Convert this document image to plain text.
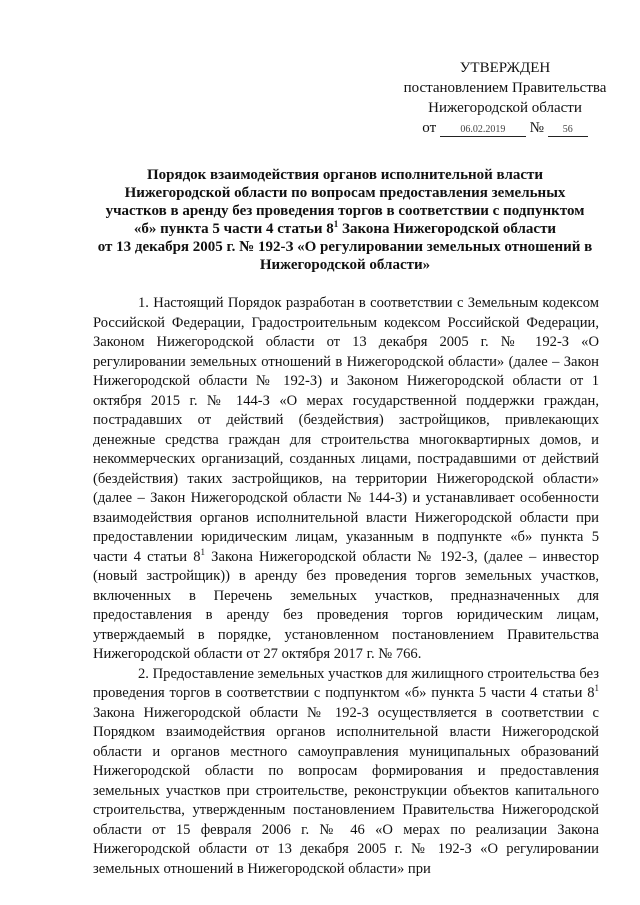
УТВЕРЖДЕН
постановлением Правительства
Нижегородской области
от 06.02.2019 № 56
Порядок взаимодействия органов исполнительной власти
Нижегородской области по вопросам предоставления земельных
участков в аренду без проведения торгов в соответствии с подпунктом
«б» пункта 5 части 4 статьи $8^1$ Закона Нижегородской области
от 13 декабря 2005 г. № 192-З «О регулировании земельных отношений в
Нижегородской области»

1. Настоящий Порядок разработан в соответствии с Земельным кодексом Российской Федерации, Градостроительным кодексом Российской Федерации, Законом Нижегородской области от 13 декабря 2005 г. № 192-З «О регулировании земельных отношений в Нижегородской области» (далее – Закон Нижегородской области № 192-З) и Законом Нижегородской области от 1 октября 2015 г. № 144-З «О мерах государственной поддержки граждан, пострадавших от действий (бездействия) застройщиков, привлекающих денежные средства граждан для строительства многоквартирных домов, и некоммерческих организаций, созданных лицами, пострадавшими от действий (бездействия) таких застройщиков, на территории Нижегородской области» (далее – Закон Нижегородской области № 144-З) и устанавливает особенности взаимодействия органов исполнительной власти Нижегородской области при предоставлении юридическим лицам, указанным в подпункте «б» пункта 5 части 4 статьи $8^1$ Закона Нижегородской области № 192-З, (далее – инвестор (новый застройщик)) в аренду без проведения торгов земельных участков, включенных в Перечень земельных участков, предназначенных для предоставления в аренду без проведения торгов юридическим лицам, утверждаемый в порядке, установленном постановлением Правительства Нижегородской области от 27 октября 2017 г. № 766.

2. Предоставление земельных участков для жилищного строительства без проведения торгов в соответствии с подпунктом «б» пункта 5 части 4 статьи $8^1$ Закона Нижегородской области № 192-З осуществляется в соответствии с Порядком взаимодействия органов исполнительной власти Нижегородской области и органов местного самоуправления муниципальных образований Нижегородской области по вопросам формирования и предоставления земельных участков при строительстве, реконструкции объектов капитального строительства, утвержденным постановлением Правительства Нижегородской области от 15 февраля 2006 г. № 46 «О мерах по реализации Закона Нижегородской области от 13 декабря 2005 г. № 192-З «О регулировании земельных отношений в Нижегородской области» при
